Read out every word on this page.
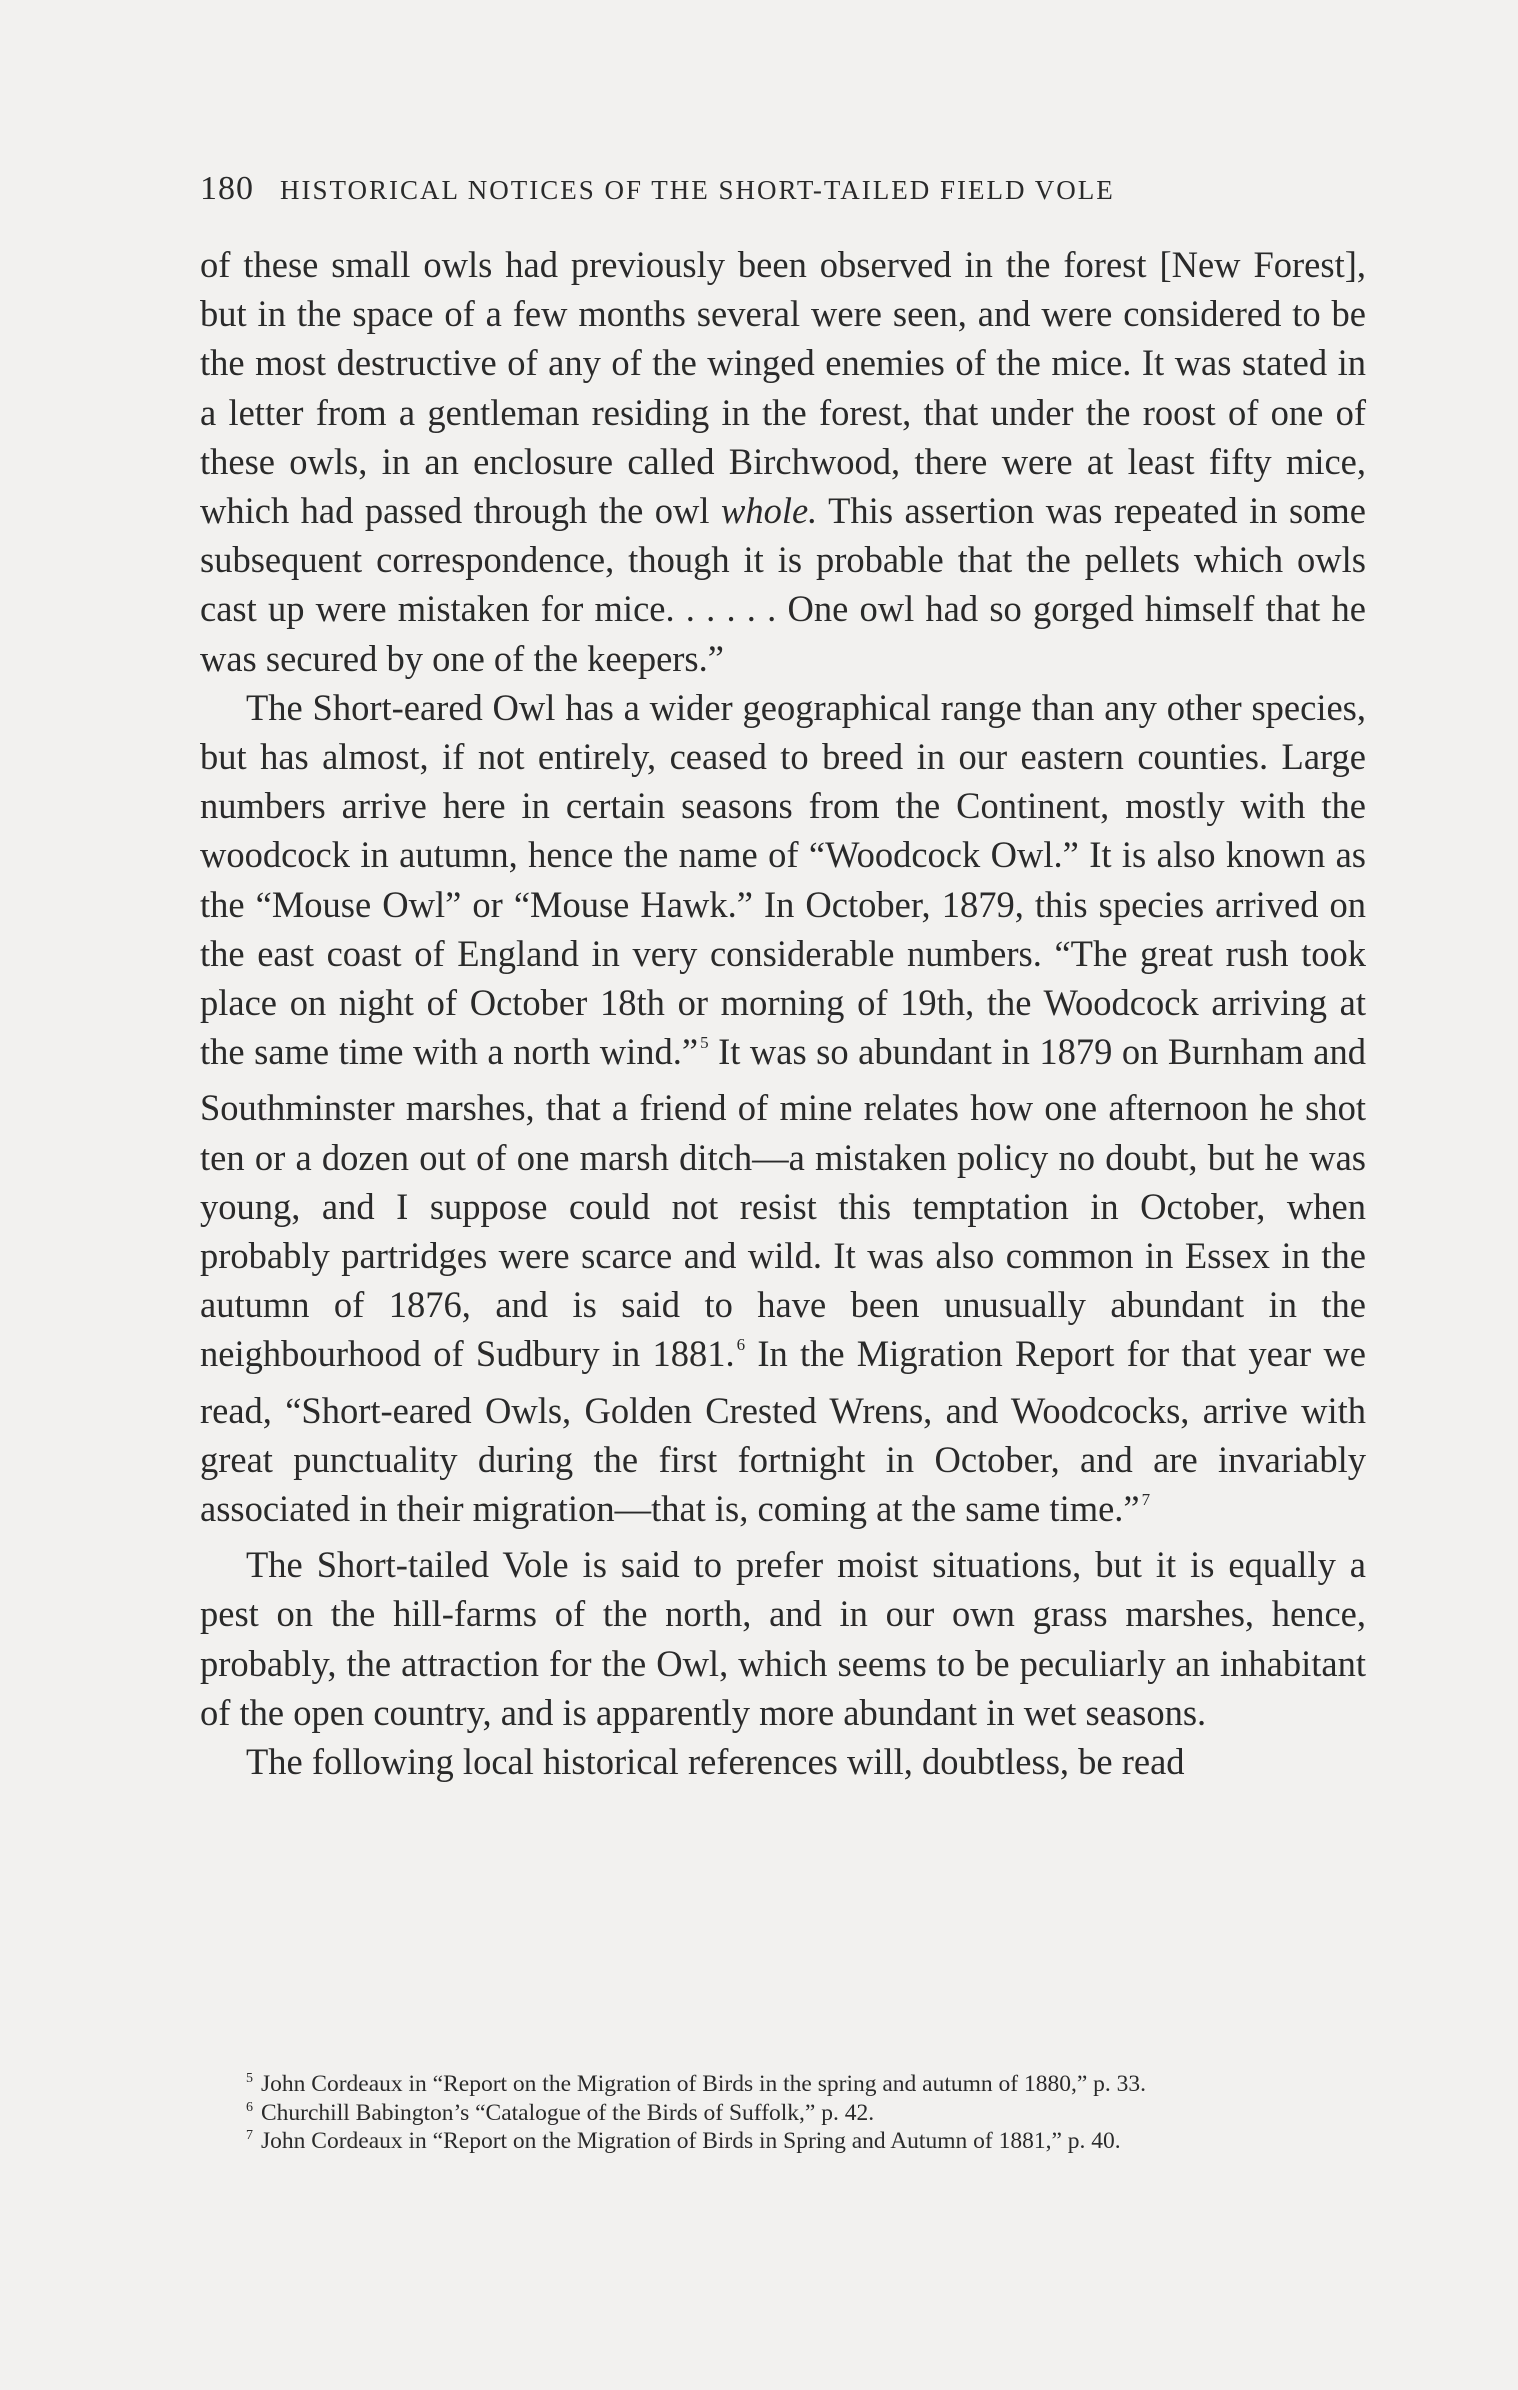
180 HISTORICAL NOTICES OF THE SHORT-TAILED FIELD VOLE

of these small owls had previously been observed in the forest [New Forest], but in the space of a few months several were seen, and were considered to be the most destructive of any of the winged enemies of the mice. It was stated in a letter from a gentleman residing in the forest, that under the roost of one of these owls, in an enclosure called Birchwood, there were at least fifty mice, which had passed through the owl whole. This assertion was repeated in some subsequent correspondence, though it is probable that the pellets which owls cast up were mistaken for mice. . . . . . One owl had so gorged himself that he was secured by one of the keepers.”

The Short-eared Owl has a wider geographical range than any other species, but has almost, if not entirely, ceased to breed in our eastern counties. Large numbers arrive here in certain seasons from the Continent, mostly with the woodcock in autumn, hence the name of “Woodcock Owl.” It is also known as the “Mouse Owl” or “Mouse Hawk.” In October, 1879, this species arrived on the east coast of England in very considerable numbers. “The great rush took place on night of October 18th or morning of 19th, the Woodcock arriving at the same time with a north wind.” $^5$ It was so abundant in 1879 on Burnham and Southminster marshes, that a friend of mine relates how one afternoon he shot ten or a dozen out of one marsh ditch—a mistaken policy no doubt, but he was young, and I suppose could not resist this temptation in October, when probably partridges were scarce and wild. It was also common in Essex in the autumn of 1876, and is said to have been unusually abundant in the neighbourhood of Sudbury in 1881. $^6$ In the Migration Report for that year we read, “Short-eared Owls, Golden Crested Wrens, and Woodcocks, arrive with great punctuality during the first fortnight in October, and are invariably associated in their migration—that is, coming at the same time.” $^7$

The Short-tailed Vole is said to prefer moist situations, but it is equally a pest on the hill-farms of the north, and in our own grass marshes, hence, probably, the attraction for the Owl, which seems to be peculiarly an inhabitant of the open country, and is apparently more abundant in wet seasons.

The following local historical references will, doubtless, be read

$^5$ John Cordeaux in “Report on the Migration of Birds in the spring and autumn of 1880,” p. 33.

$^6$ Churchill Babington’s “Catalogue of the Birds of Suffolk,” p. 42.

$^7$ John Cordeaux in “Report on the Migration of Birds in Spring and Autumn of 1881,” p. 40.
